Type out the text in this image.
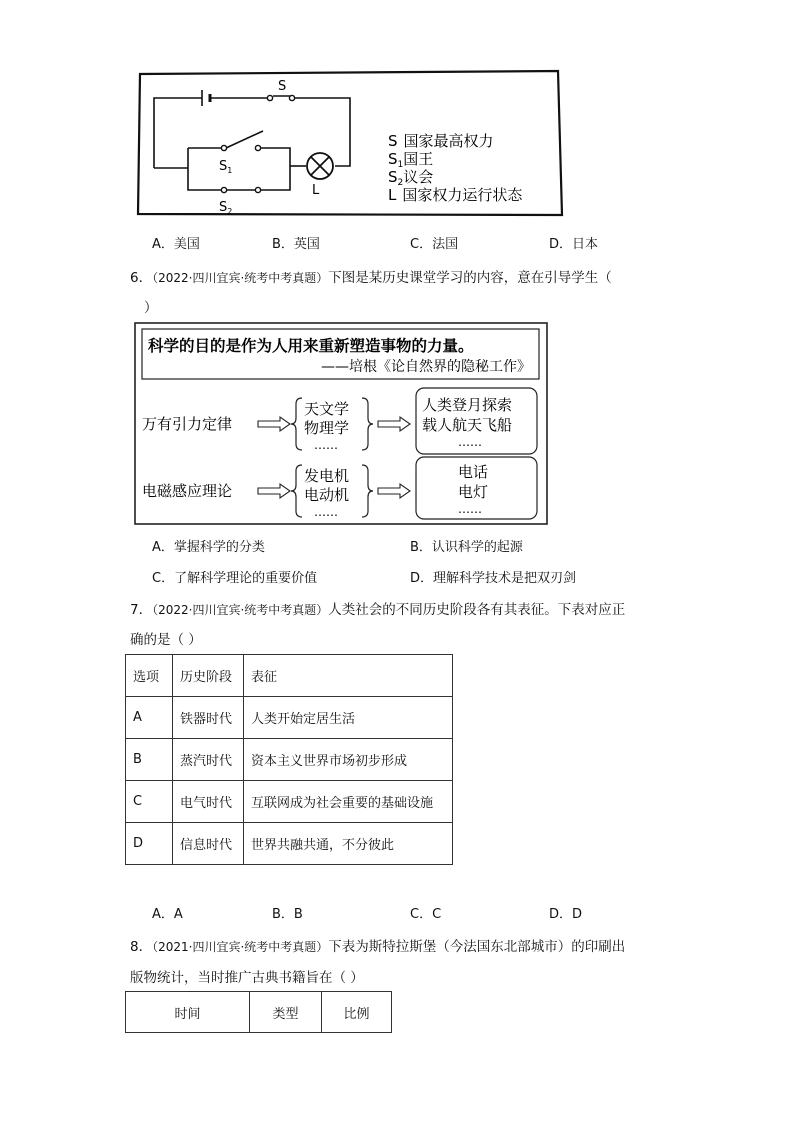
S
$S_1$
$S_2$
L
S 国家最高权力
$S_1$国王
$S_2$议会
L 国家权力运行状态
A．美国	B．英国	C．法国	D．日本
6．（2022·四川宜宾·统考中考真题）下图是某历史课堂学习的内容，意在引导学生（
）
科学的目的是作为人用来重新塑造事物的力量。
——培根《论自然界的隐秘工作》
万有引力定律
天文学
物理学
……
人类登月探索
载人航天飞船
……
电磁感应理论
发电机
电动机
……
电话
电灯
……
A．掌握科学的分类	B．认识科学的起源
C．了解科学理论的重要价值	D．理解科学技术是把双刃剑
7．（2022·四川宜宾·统考中考真题）人类社会的不同历史阶段各有其表征。下表对应正
确的是（ ）
选项	历史阶段	表征
A	铁器时代	人类开始定居生活
B	蒸汽时代	资本主义世界市场初步形成
C	电气时代	互联网成为社会重要的基础设施
D	信息时代	世界共融共通，不分彼此
A．A	B．B	C．C	D．D
8．（2021·四川宜宾·统考中考真题）下表为斯特拉斯堡（今法国东北部城市）的印刷出
版物统计，当时推广古典书籍旨在（ ）
时间	类型	比例
